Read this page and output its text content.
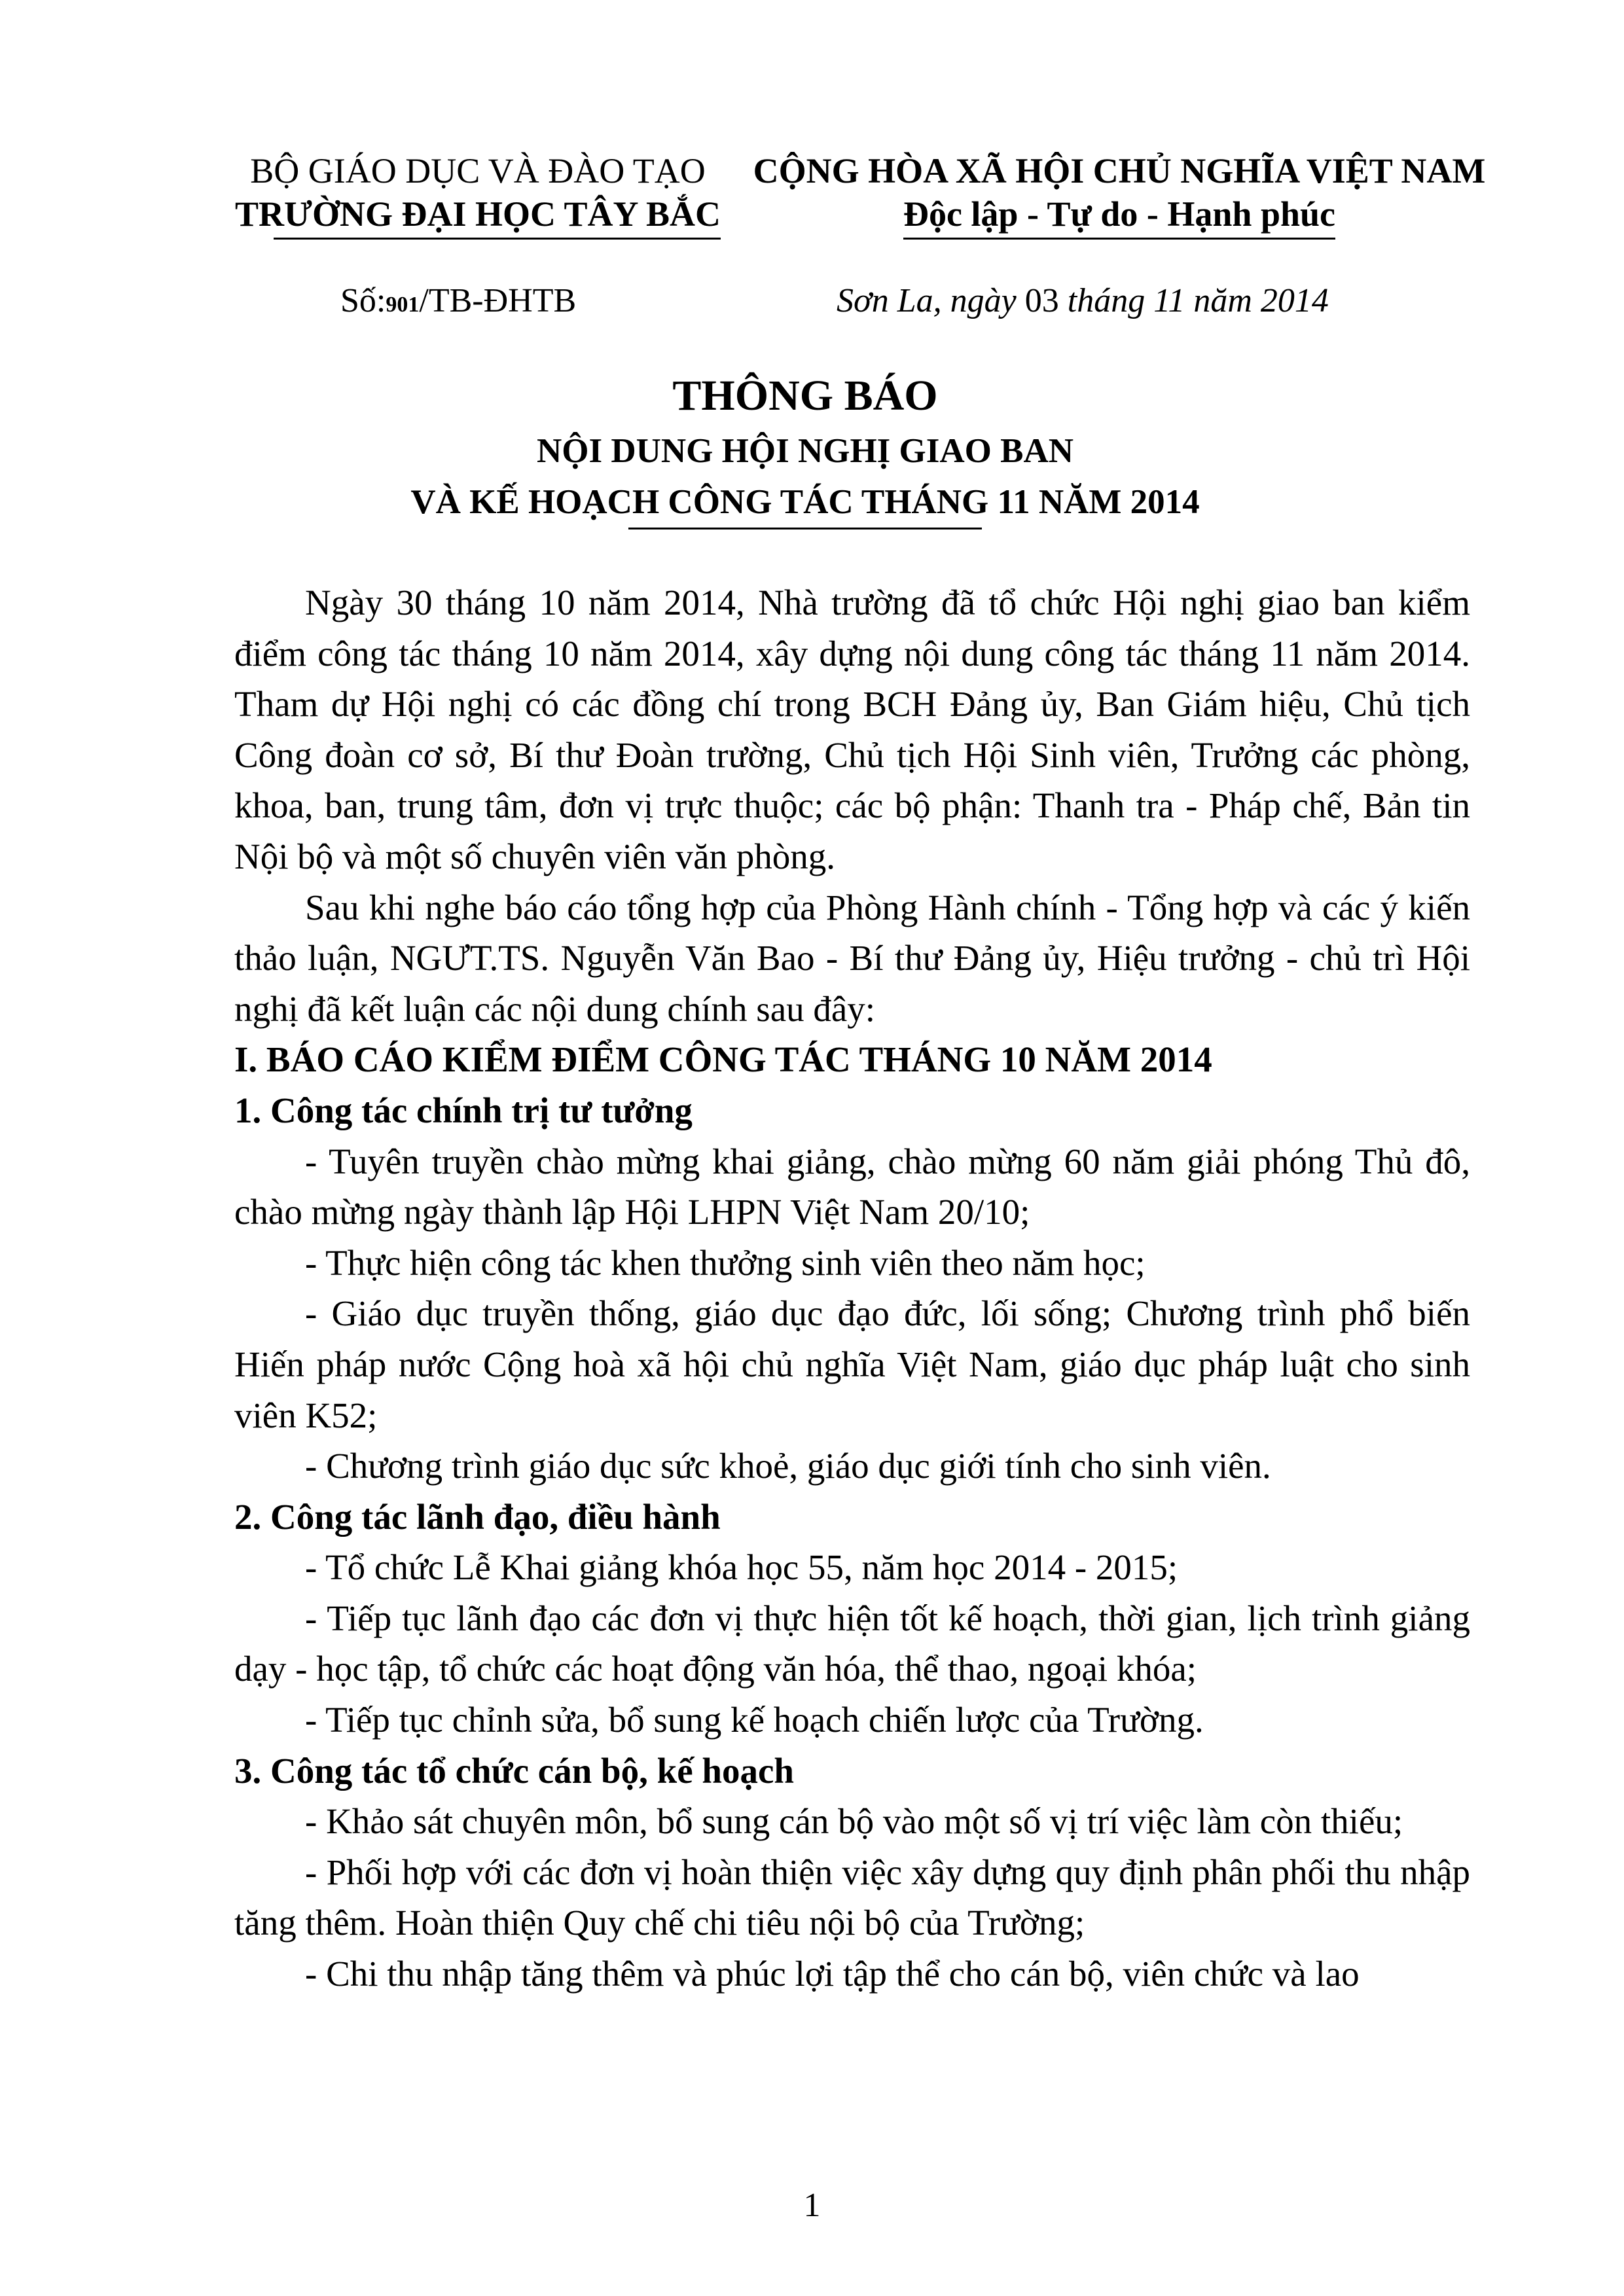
BỘ GIÁO DỤC VÀ ĐÀO TẠO
TRƯỜNG ĐẠI HỌC TÂY BẮC
CỘNG HÒA XÃ HỘI CHỦ NGHĨA VIỆT NAM
Độc lập - Tự do - Hạnh phúc
Số:901/TB-ĐHTB	Sơn La, ngày 03 tháng 11 năm 2014
THÔNG BÁO
NỘI DUNG HỘI NGHỊ GIAO BAN
VÀ KẾ HOẠCH CÔNG TÁC THÁNG 11 NĂM 2014

Ngày 30 tháng 10 năm 2014, Nhà trường đã tổ chức Hội nghị giao ban kiểm điểm công tác tháng 10 năm 2014, xây dựng nội dung công tác tháng 11 năm 2014. Tham dự Hội nghị có các đồng chí trong BCH Đảng ủy, Ban Giám hiệu, Chủ tịch Công đoàn cơ sở, Bí thư Đoàn trường, Chủ tịch Hội Sinh viên, Trưởng các phòng, khoa, ban, trung tâm, đơn vị trực thuộc; các bộ phận: Thanh tra - Pháp chế, Bản tin Nội bộ và một số chuyên viên văn phòng.

Sau khi nghe báo cáo tổng hợp của Phòng Hành chính - Tổng hợp và các ý kiến thảo luận, NGƯT.TS. Nguyễn Văn Bao - Bí thư Đảng ủy, Hiệu trưởng - chủ trì Hội nghị đã kết luận các nội dung chính sau đây:

I. BÁO CÁO KIỂM ĐIỂM CÔNG TÁC THÁNG 10 NĂM 2014

1. Công tác chính trị tư tưởng

- Tuyên truyền chào mừng khai giảng, chào mừng 60 năm giải phóng Thủ đô, chào mừng ngày thành lập Hội LHPN Việt Nam 20/10;

- Thực hiện công tác khen thưởng sinh viên theo năm học;

- Giáo dục truyền thống, giáo dục đạo đức, lối sống; Chương trình phổ biến Hiến pháp nước Cộng hoà xã hội chủ nghĩa Việt Nam, giáo dục pháp luật cho sinh viên K52;

- Chương trình giáo dục sức khoẻ, giáo dục giới tính cho sinh viên.

2. Công tác lãnh đạo, điều hành

- Tổ chức Lễ Khai giảng khóa học 55, năm học 2014 - 2015;

- Tiếp tục lãnh đạo các đơn vị thực hiện tốt kế hoạch, thời gian, lịch trình giảng dạy - học tập, tổ chức các hoạt động văn hóa, thể thao, ngoại khóa;

- Tiếp tục chỉnh sửa, bổ sung kế hoạch chiến lược của Trường.

3. Công tác tổ chức cán bộ, kế hoạch

- Khảo sát chuyên môn, bổ sung cán bộ vào một số vị trí việc làm còn thiếu;

- Phối hợp với các đơn vị hoàn thiện việc xây dựng quy định phân phối thu nhập tăng thêm. Hoàn thiện Quy chế chi tiêu nội bộ của Trường;

- Chi thu nhập tăng thêm và phúc lợi tập thể cho cán bộ, viên chức và lao

1
